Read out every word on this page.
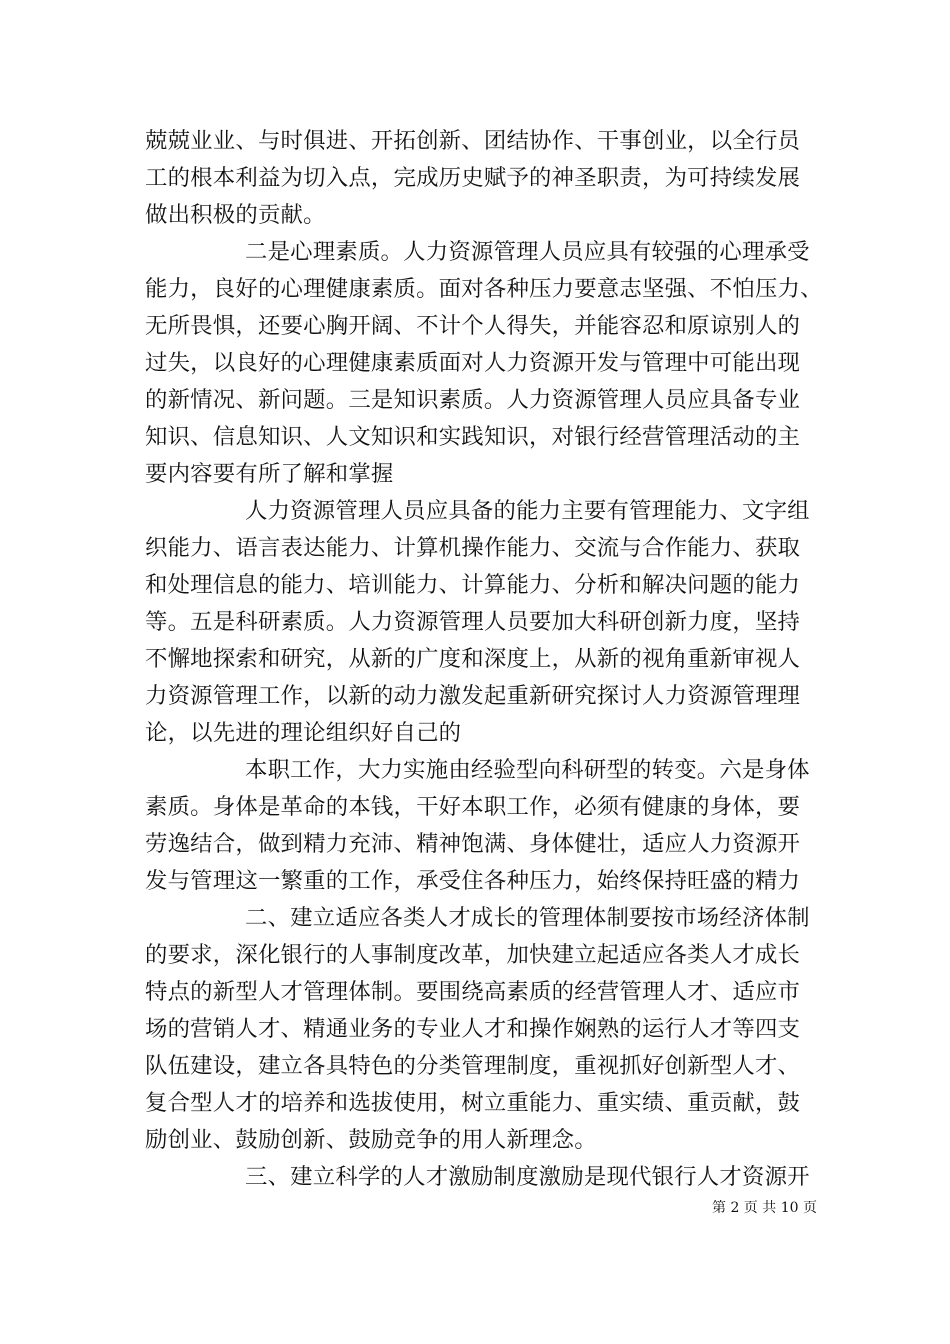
兢兢业业、与时俱进、开拓创新、团结协作、干事创业，以全行员
工的根本利益为切入点，完成历史赋予的神圣职责，为可持续发展
做出积极的贡献。
二是心理素质。人力资源管理人员应具有较强的心理承受
能力，良好的心理健康素质。面对各种压力要意志坚强、不怕压力、
无所畏惧，还要心胸开阔、不计个人得失，并能容忍和原谅别人的
过失，以良好的心理健康素质面对人力资源开发与管理中可能出现
的新情况、新问题。三是知识素质。人力资源管理人员应具备专业
知识、信息知识、人文知识和实践知识，对银行经营管理活动的主
要内容要有所了解和掌握
人力资源管理人员应具备的能力主要有管理能力、文字组
织能力、语言表达能力、计算机操作能力、交流与合作能力、获取
和处理信息的能力、培训能力、计算能力、分析和解决问题的能力
等。五是科研素质。人力资源管理人员要加大科研创新力度，坚持
不懈地探索和研究，从新的广度和深度上，从新的视角重新审视人
力资源管理工作，以新的动力激发起重新研究探讨人力资源管理理
论，以先进的理论组织好自己的
本职工作，大力实施由经验型向科研型的转变。六是身体
素质。身体是革命的本钱，干好本职工作，必须有健康的身体，要
劳逸结合，做到精力充沛、精神饱满、身体健壮，适应人力资源开
发与管理这一繁重的工作，承受住各种压力，始终保持旺盛的精力
二、建立适应各类人才成长的管理体制要按市场经济体制
的要求，深化银行的人事制度改革，加快建立起适应各类人才成长
特点的新型人才管理体制。要围绕高素质的经营管理人才、适应市
场的营销人才、精通业务的专业人才和操作娴熟的运行人才等四支
队伍建设，建立各具特色的分类管理制度，重视抓好创新型人才、
复合型人才的培养和选拔使用，树立重能力、重实绩、重贡献，鼓
励创业、鼓励创新、鼓励竞争的用人新理念。
三、建立科学的人才激励制度激励是现代银行人才资源开
第 2 页 共 10 页
